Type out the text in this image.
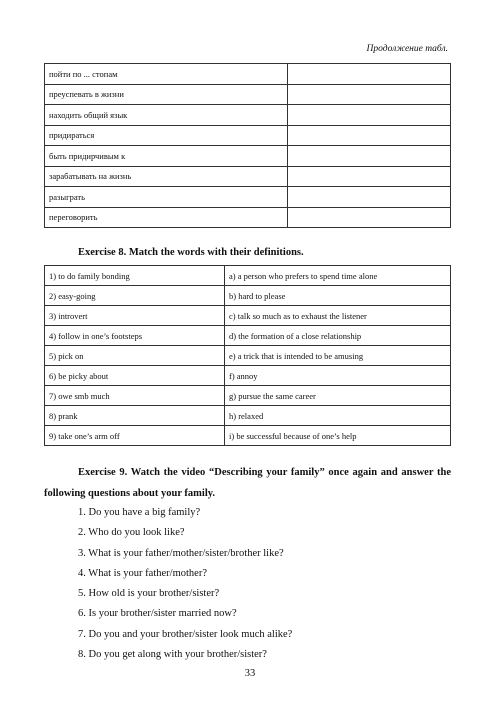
Продолжение табл.
пойти по ... стопам	
преуспевать в жизни	
находить общий язык	
придираться	
быть придирчивым к	
зарабатывать на жизнь	
разыграть	
переговорить	
Exercise 8. Match the words with their definitions.
1) to do family bonding	a) a person who prefers to spend time alone
2) easy-going	b) hard to please
3) introvert	c) talk so much as to exhaust the listener
4) follow in one’s footsteps	d) the formation of a close relationship
5) pick on	e) a trick that is intended to be amusing
6) be picky about	f) annoy
7) owe smb much	g) pursue the same career
8) prank	h) relaxed
9) take one’s arm off	i) be successful because of one’s help

Exercise 9. Watch the video “Describing your family” once again and answer the following questions about your family.

1. Do you have a big family?
2. Who do you look like?
3. What is your father/mother/sister/brother like?
4. What is your father/mother?
5. How old is your brother/sister?
6. Is your brother/sister married now?
7. Do you and your brother/sister look much alike?
8. Do you get along with your brother/sister?
33
